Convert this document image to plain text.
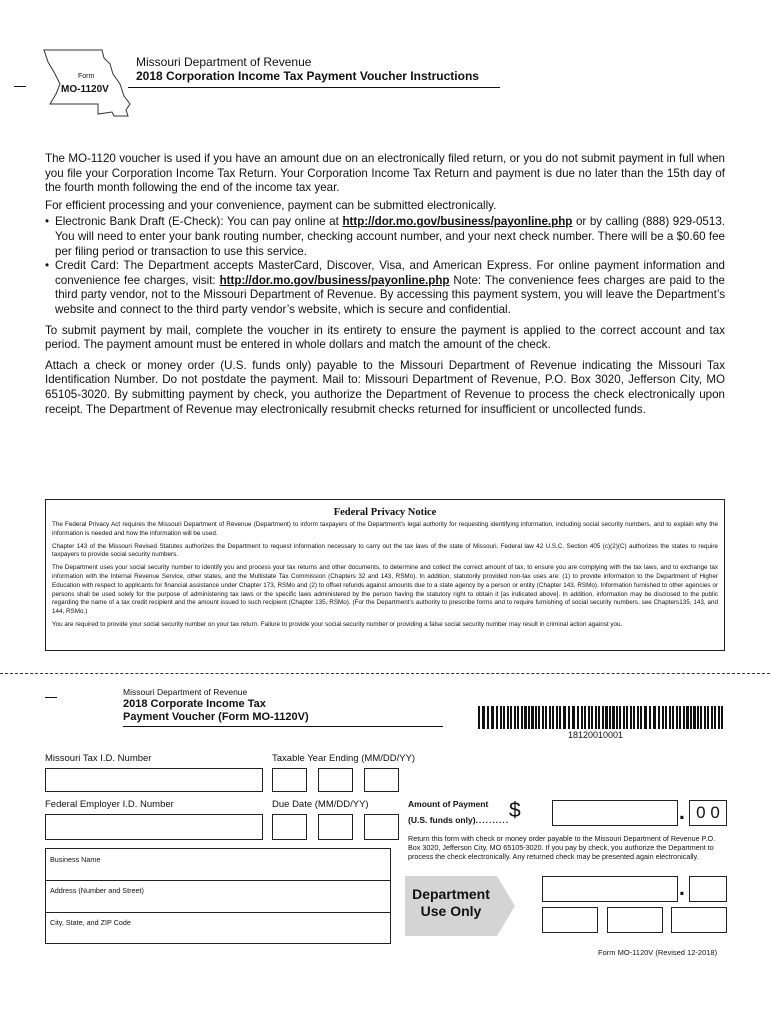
Form
MO-1120V
Missouri Department of Revenue
2018 Corporation Income Tax Payment Voucher Instructions

The MO-1120 voucher is used if you have an amount due on an electronically filed return, or you do not submit payment in full when you file your Corporation Income Tax Return. Your Corporation Income Tax Return and payment is due no later than the 15th day of the fourth month following the end of the income tax year.

For efficient processing and your convenience, payment can be submitted electronically.

• Electronic Bank Draft (E-Check): You can pay online at http://dor.mo.gov/business/payonline.php or by calling (888) 929-0513. You will need to enter your bank routing number, checking account number, and your next check number. There will be a $0.60 fee per filing period or transaction to use this service.
• Credit Card: The Department accepts MasterCard, Discover, Visa, and American Express. For online payment information and convenience fee charges, visit: http://dor.mo.gov/business/payonline.php Note: The convenience fees charges are paid to the third party vendor, not to the Missouri Department of Revenue. By accessing this payment system, you will leave the Department’s website and connect to the third party vendor’s website, which is secure and confidential.

To submit payment by mail, complete the voucher in its entirety to ensure the payment is applied to the correct account and tax period. The payment amount must be entered in whole dollars and match the amount of the check.

Attach a check or money order (U.S. funds only) payable to the Missouri Department of Revenue indicating the Missouri Tax Identification Number. Do not postdate the payment. Mail to: Missouri Department of Revenue, P.O. Box 3020, Jefferson City, MO 65105-3020. By submitting payment by check, you authorize the Department of Revenue to process the check electronically upon receipt. The Department of Revenue may electronically resubmit checks returned for insufficient or uncollected funds.

Federal Privacy Notice

The Federal Privacy Act requires the Missouri Department of Revenue (Department) to inform taxpayers of the Department’s legal authority for requesting identifying information, including social security numbers, and to explain why the information is needed and how the information will be used.

Chapter 143 of the Missouri Revised Statutes authorizes the Department to request information necessary to carry out the tax laws of the state of Missouri. Federal law 42 U.S.C. Section 405 (c)(2)(C) authorizes the states to require taxpayers to provide social security numbers.

The Department uses your social security number to identify you and process your tax returns and other documents, to determine and collect the correct amount of tax, to ensure you are complying with the tax laws, and to exchange tax information with the Internal Revenue Service, other states, and the Multistate Tax Commission (Chapters 32 and 143, RSMo). In addition, statutorily provided non-tax uses are: (1) to provide information to the Department of Higher Education with respect to applicants for financial assistance under Chapter 173, RSMo and (2) to offset refunds against amounts due to a state agency by a person or entity (Chapter 143, RSMo). Information furnished to other agencies or persons shall be used solely for the purpose of administering tax laws or the specific laws administered by the person having the statutory right to obtain it [as indicated above]. In addition, information may be disclosed to the public regarding the name of a tax credit recipient and the amount issued to such recipient (Chapter 135, RSMo). (For the Department’s authority to prescribe forms and to require furnishing of social security numbers, see Chapters135, 143, and 144, RSMo.)

You are required to provide your social security number on your tax return. Failure to provide your social security number or providing a false social security number may result in criminal action against you.

Missouri Department of Revenue
2018 Corporate Income Tax
Payment Voucher (Form MO-1120V)
18120010001
Missouri Tax I.D. Number	Taxable Year Ending (MM/DD/YY)
Federal Employer I.D. Number	Due Date (MM/DD/YY)	Amount of Payment
(U.S. funds only).......... $	. 0 0
Return this form with check or money order payable to the Missouri Department of Revenue P.O. Box 3020, Jefferson City, MO 65105-3020. If you pay by check, you authorize the Department to process the check electronically. Any returned check may be presented again electronically.
Business Name
Address (Number and Street)
City, State, and ZIP Code
Department
Use Only
.
Form MO-1120V (Revised 12-2018)
